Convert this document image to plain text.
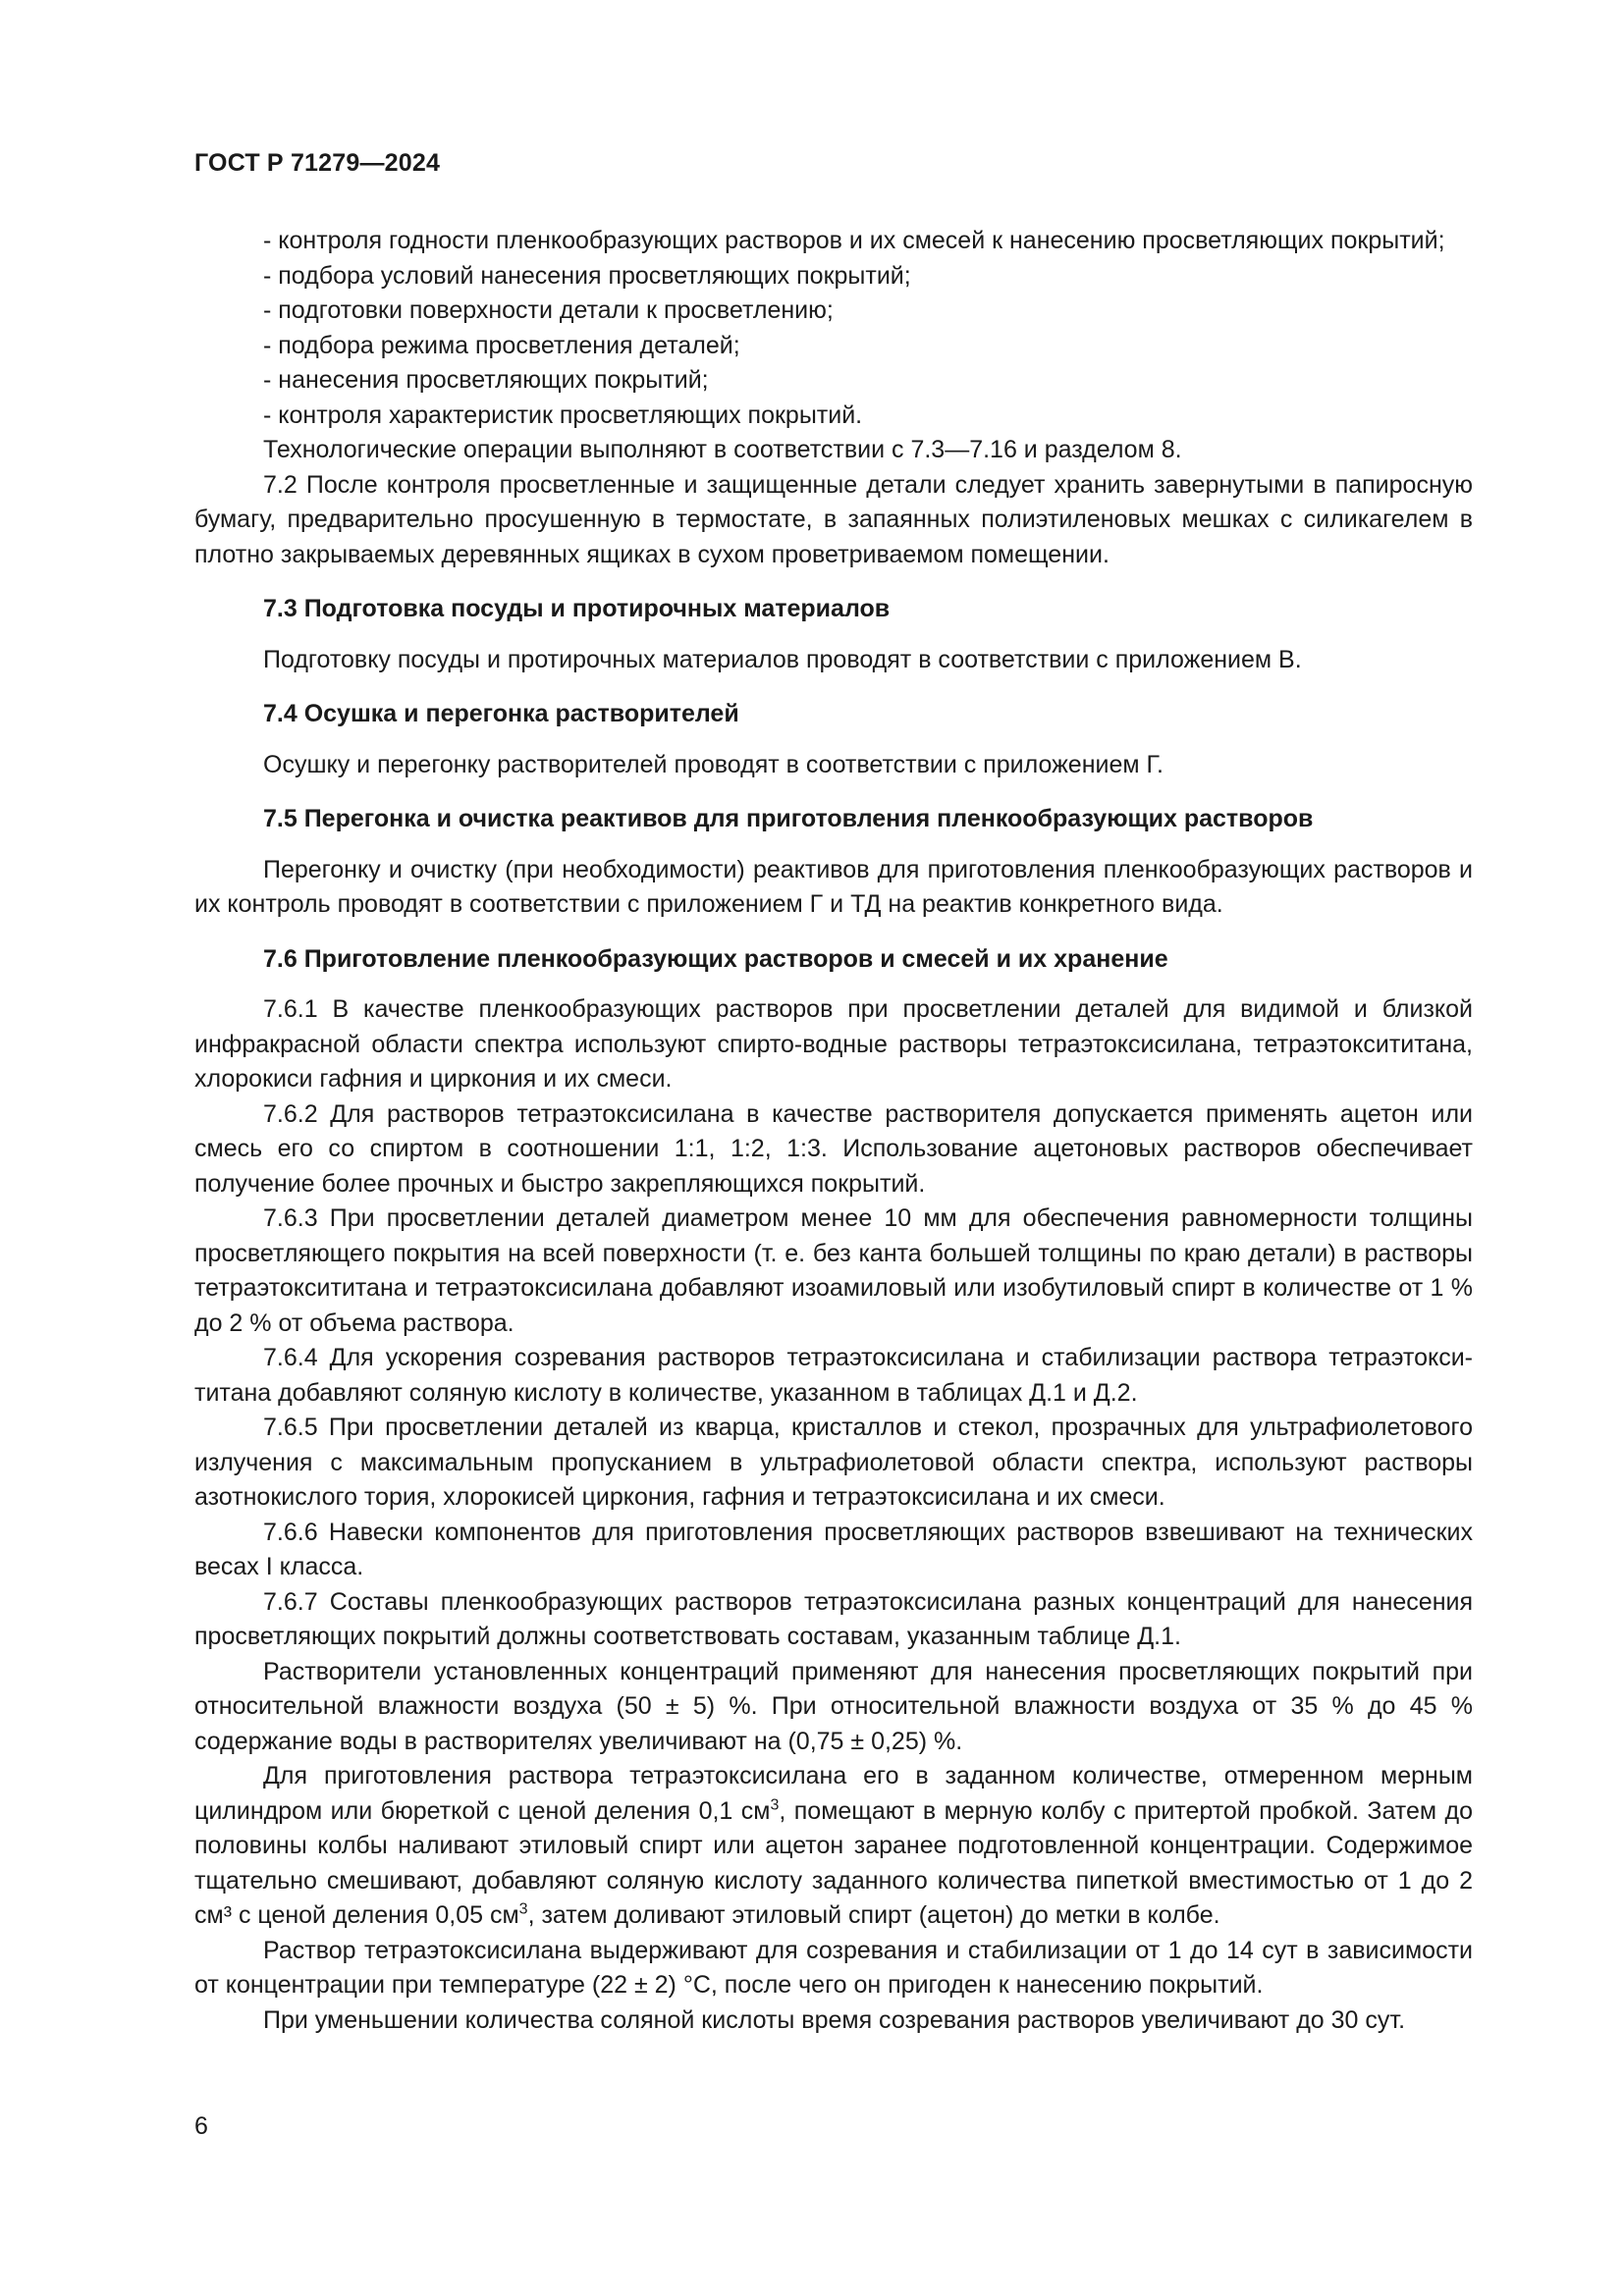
ГОСТ Р 71279—2024

- контроля годности пленкообразующих растворов и их смесей к нанесению просветляющих покрытий;

- подбора условий нанесения просветляющих покрытий;

- подготовки поверхности детали к просветлению;

- подбора режима просветления деталей;

- нанесения просветляющих покрытий;

- контроля характеристик просветляющих покрытий.

Технологические операции выполняют в соответствии с 7.3—7.16 и разделом 8.

7.2 После контроля просветленные и защищенные детали следует хранить завернутыми в папиросную бумагу, предварительно просушенную в термостате, в запаянных полиэтиленовых мешках с силикагелем в плотно закрываемых деревянных ящиках в сухом проветриваемом помещении.

7.3 Подготовка посуды и протирочных материалов

Подготовку посуды и протирочных материалов проводят в соответствии с приложением В.

7.4 Осушка и перегонка растворителей

Осушку и перегонку растворителей проводят в соответствии с приложением Г.

7.5 Перегонка и очистка реактивов для приготовления пленкообразующих растворов

Перегонку и очистку (при необходимости) реактивов для приготовления пленкообразующих растворов и их контроль проводят в соответствии с приложением Г и ТД на реактив конкретного вида.

7.6 Приготовление пленкообразующих растворов и смесей и их хранение

7.6.1 В качестве пленкообразующих растворов при просветлении деталей для видимой и близкой инфракрасной области спектра используют спирто-водные растворы тетраэтоксисилана, тетраэтоксититана, хлорокиси гафния и циркония и их смеси.

7.6.2 Для растворов тетраэтоксисилана в качестве растворителя допускается применять ацетон или смесь его со спиртом в соотношении 1:1, 1:2, 1:3. Использование ацетоновых растворов обеспечивает получение более прочных и быстро закрепляющихся покрытий.

7.6.3 При просветлении деталей диаметром менее 10 мм для обеспечения равномерности толщины просветляющего покрытия на всей поверхности (т. е. без канта большей толщины по краю детали) в растворы тетраэтоксититана и тетраэтоксисилана добавляют изоамиловый или изобутиловый спирт в количестве от 1 % до 2 % от объема раствора.

7.6.4 Для ускорения созревания растворов тетраэтоксисилана и стабилизации раствора тетраэтоксититана добавляют соляную кислоту в количестве, указанном в таблицах Д.1 и Д.2.

7.6.5 При просветлении деталей из кварца, кристаллов и стекол, прозрачных для ультрафиолетового излучения с максимальным пропусканием в ультрафиолетовой области спектра, используют растворы азотнокислого тория, хлорокисей циркония, гафния и тетраэтоксисилана и их смеси.

7.6.6 Навески компонентов для приготовления просветляющих растворов взвешивают на технических весах I класса.

7.6.7 Составы пленкообразующих растворов тетраэтоксисилана разных концентраций для нанесения просветляющих покрытий должны соответствовать составам, указанным таблице Д.1.

Растворители установленных концентраций применяют для нанесения просветляющих покрытий при относительной влажности воздуха (50 ± 5) %. При относительной влажности воздуха от 35 % до 45 % содержание воды в растворителях увеличивают на (0,75 ± 0,25) %.

Для приготовления раствора тетраэтоксисилана его в заданном количестве, отмеренном мерным цилиндром или бюреткой с ценой деления 0,1 $см^3$, помещают в мерную колбу с притертой пробкой. Затем до половины колбы наливают этиловый спирт или ацетон заранее подготовленной концентрации. Содержимое тщательно смешивают, добавляют соляную кислоту заданного количества пипеткой вместимостью от 1 до 2 см³ с ценой деления 0,05 $см^3$, затем доливают этиловый спирт (ацетон) до метки в колбе.

Раствор тетраэтоксисилана выдерживают для созревания и стабилизации от 1 до 14 сут в зависимости от концентрации при температуре (22 ± 2) °С, после чего он пригоден к нанесению покрытий.

При уменьшении количества соляной кислоты время созревания растворов увеличивают до 30 сут.

6
